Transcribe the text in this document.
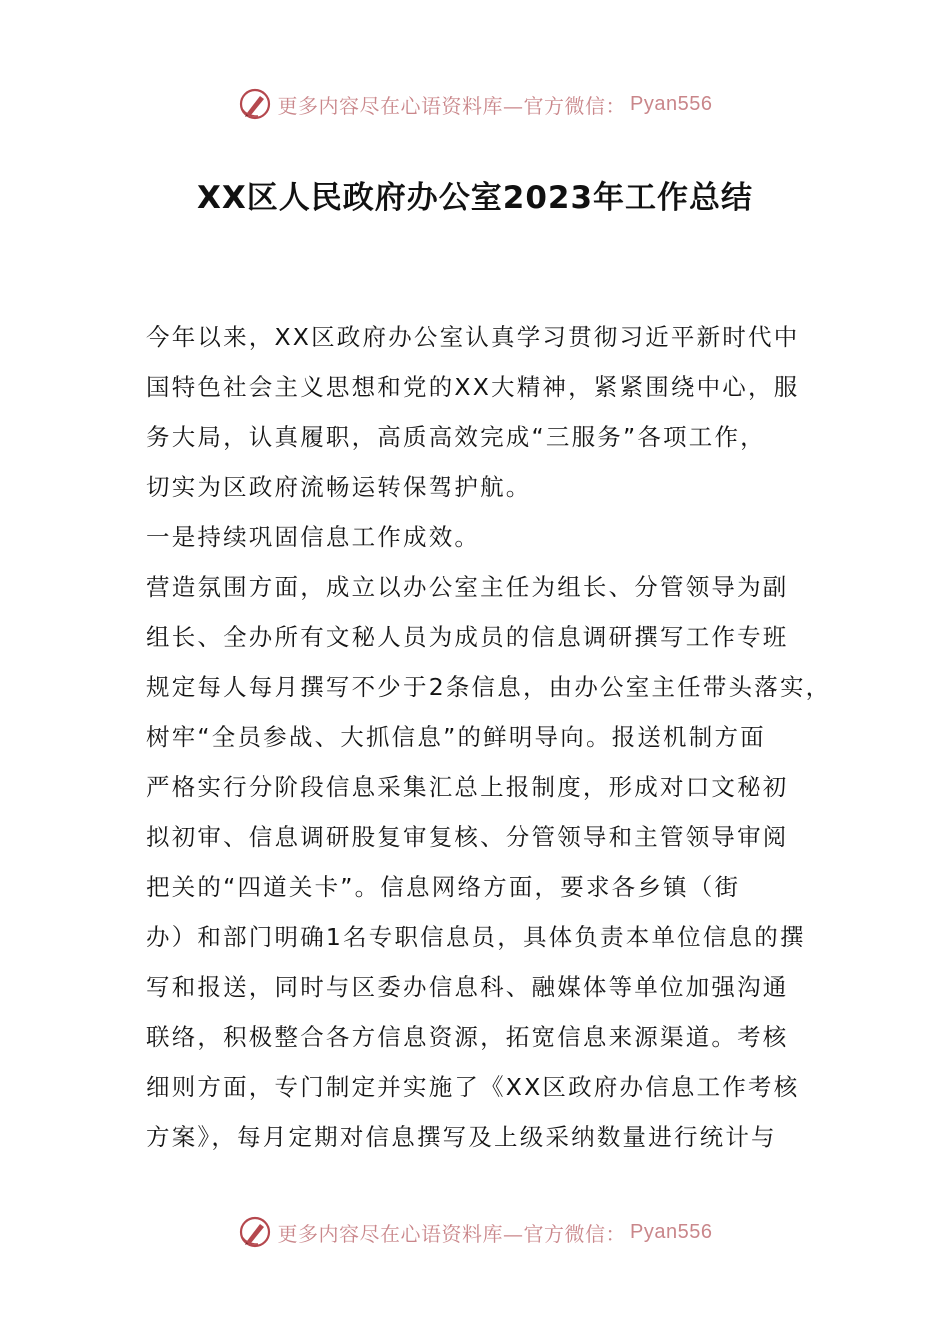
更多内容尽在心语资料库—官方微信： Pyan556
XX区人民政府办公室2023年工作总结
今年以来，XX区政府办公室认真学习贯彻习近平新时代中
国特色社会主义思想和党的XX大精神，紧紧围绕中心，服
务大局，认真履职，高质高效完成“三服务”各项工作，
切实为区政府流畅运转保驾护航。
一是持续巩固信息工作成效。
营造氛围方面，成立以办公室主任为组长、分管领导为副
组长、全办所有文秘人员为成员的信息调研撰写工作专班
规定每人每月撰写不少于2条信息，由办公室主任带头落实，
树牢“全员参战、大抓信息”的鲜明导向。报送机制方面
严格实行分阶段信息采集汇总上报制度，形成对口文秘初
拟初审、信息调研股复审复核、分管领导和主管领导审阅
把关的“四道关卡”。信息网络方面，要求各乡镇（街
办）和部门明确1名专职信息员，具体负责本单位信息的撰
写和报送，同时与区委办信息科、融媒体等单位加强沟通
联络，积极整合各方信息资源，拓宽信息来源渠道。考核
细则方面，专门制定并实施了《XX区政府办信息工作考核
方案》，每月定期对信息撰写及上级采纳数量进行统计与
更多内容尽在心语资料库—官方微信： Pyan556
